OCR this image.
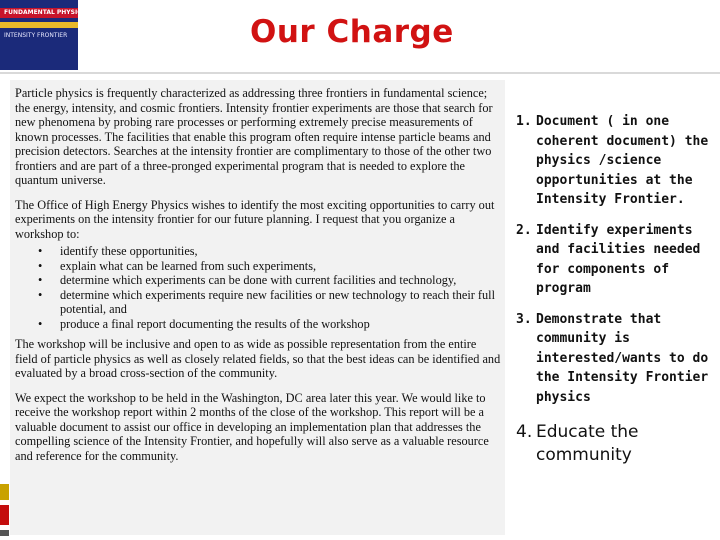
FUNDAMENTAL PHYSICS AT THE
INTENSITY FRONTIER	Our Charge

Particle physics is frequently characterized as addressing three frontiers in fundamental science; the energy, intensity, and cosmic frontiers. Intensity frontier experiments are those that search for new phenomena by probing rare processes or performing extremely precise measurements of known processes. The facilities that enable this program often require intense particle beams and precision detectors. Searches at the intensity frontier are complimentary to those of the other two frontiers and are part of a three-pronged experimental program that is needed to explore the quantum universe.

The Office of High Energy Physics wishes to identify the most exciting opportunities to carry out experiments on the intensity frontier for our future planning. I request that you organize a workshop to:

• identify these opportunities,
• explain what can be learned from such experiments,
• determine which experiments can be done with current facilities and technology,
• determine which experiments require new facilities or new technology to reach their full potential, and
• produce a final report documenting the results of the workshop

The workshop will be inclusive and open to as wide as possible representation from the entire field of particle physics as well as closely related fields, so that the best ideas can be identified and evaluated by a broad cross-section of the community.

We expect the workshop to be held in the Washington, DC area later this year. We would like to receive the workshop report within 2 months of the close of the workshop. This report will be a valuable document to assist our office in developing an implementation plan that addresses the compelling science of the Intensity Frontier, and hopefully will also serve as a valuable resource and reference for the community.

1. Document ( in one coherent document) the physics /science opportunities at the Intensity Frontier.
2. Identify experiments and facilities needed for components of program
3. Demonstrate that community is interested/wants to do the Intensity Frontier physics
4. Educate the community
